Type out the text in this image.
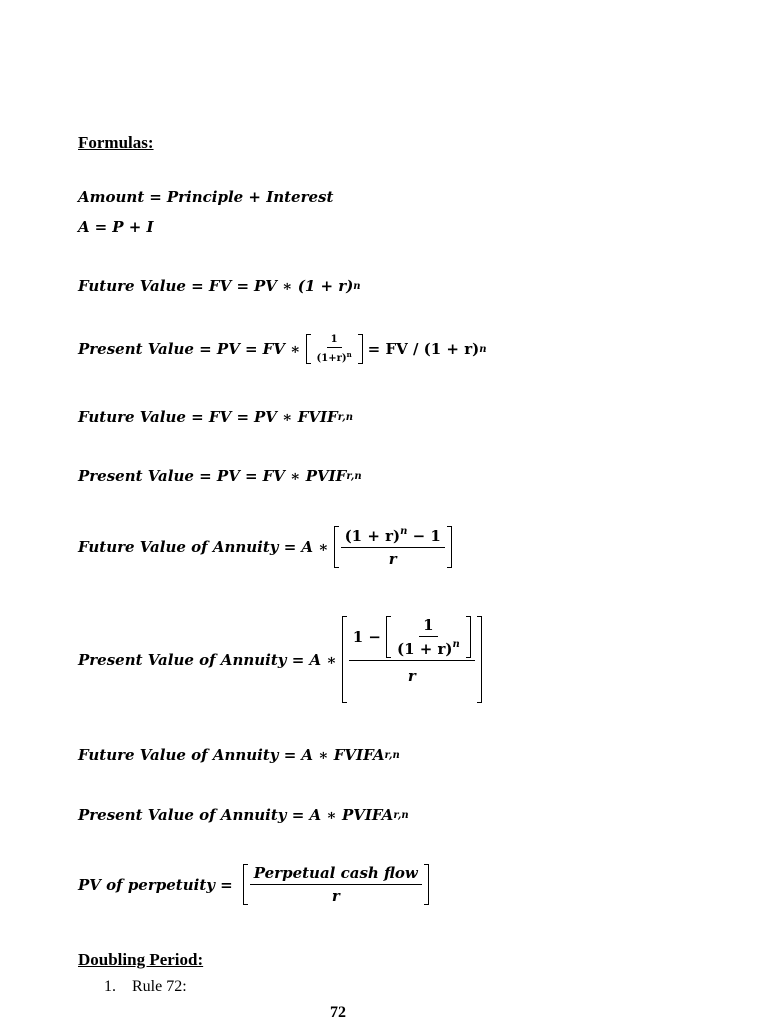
Formulas:
Amount = Principle + Interest
A = P + I
Future Value = FV = PV ∗ (1 + r) n
Present Value = PV = FV ∗ $\frac{1}{(1+r)^n}$ = FV / (1 + r) n
Future Value = FV = PV ∗ FVIF r,n
Present Value = PV = FV ∗ PVIF r,n
Future Value of Annuity = A ∗ $\frac{(1 + r)^n - 1}{r}$
Present Value of Annuity = A ∗
$1 - \frac{1}{(1 + r)^n}$
r
Future Value of Annuity = A ∗ FVIFA r,n
Present Value of Annuity = A ∗ PVIFA r,n
PV of perpetuity = $\frac{\text{Perpetual cash flow}}{r}$
Doubling Period:
1. Rule 72:
72
